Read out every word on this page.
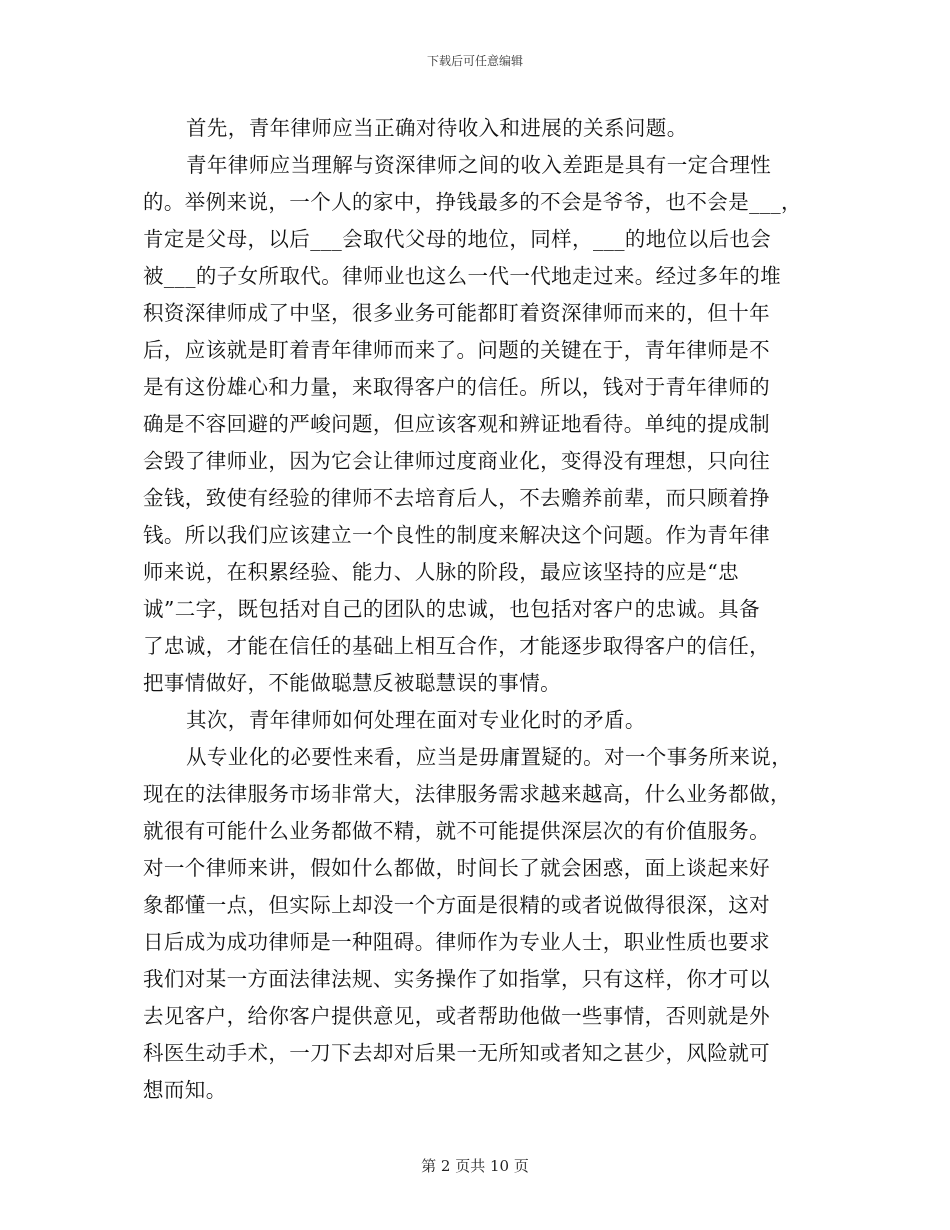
下载后可任意编辑
首先，青年律师应当正确对待收入和进展的关系问题。
青年律师应当理解与资深律师之间的收入差距是具有一定合理性
的。举例来说，一个人的家中，挣钱最多的不会是爷爷，也不会是___，
肯定是父母，以后___会取代父母的地位，同样，___的地位以后也会
被___的子女所取代。律师业也这么一代一代地走过来。经过多年的堆
积资深律师成了中坚，很多业务可能都盯着资深律师而来的，但十年
后，应该就是盯着青年律师而来了。问题的关键在于，青年律师是不
是有这份雄心和力量，来取得客户的信任。所以，钱对于青年律师的
确是不容回避的严峻问题，但应该客观和辨证地看待。单纯的提成制
会毁了律师业，因为它会让律师过度商业化，变得没有理想，只向往
金钱，致使有经验的律师不去培育后人，不去赡养前辈，而只顾着挣
钱。所以我们应该建立一个良性的制度来解决这个问题。作为青年律
师来说，在积累经验、能力、人脉的阶段，最应该坚持的应是“忠
诚”二字，既包括对自己的团队的忠诚，也包括对客户的忠诚。具备
了忠诚，才能在信任的基础上相互合作，才能逐步取得客户的信任，
把事情做好，不能做聪慧反被聪慧误的事情。
其次，青年律师如何处理在面对专业化时的矛盾。
从专业化的必要性来看，应当是毋庸置疑的。对一个事务所来说，
现在的法律服务市场非常大，法律服务需求越来越高，什么业务都做，
就很有可能什么业务都做不精，就不可能提供深层次的有价值服务。
对一个律师来讲，假如什么都做，时间长了就会困惑，面上谈起来好
象都懂一点，但实际上却没一个方面是很精的或者说做得很深，这对
日后成为成功律师是一种阻碍。律师作为专业人士，职业性质也要求
我们对某一方面法律法规、实务操作了如指掌，只有这样，你才可以
去见客户，给你客户提供意见，或者帮助他做一些事情，否则就是外
科医生动手术，一刀下去却对后果一无所知或者知之甚少，风险就可
想而知。
第 2 页共 10 页
